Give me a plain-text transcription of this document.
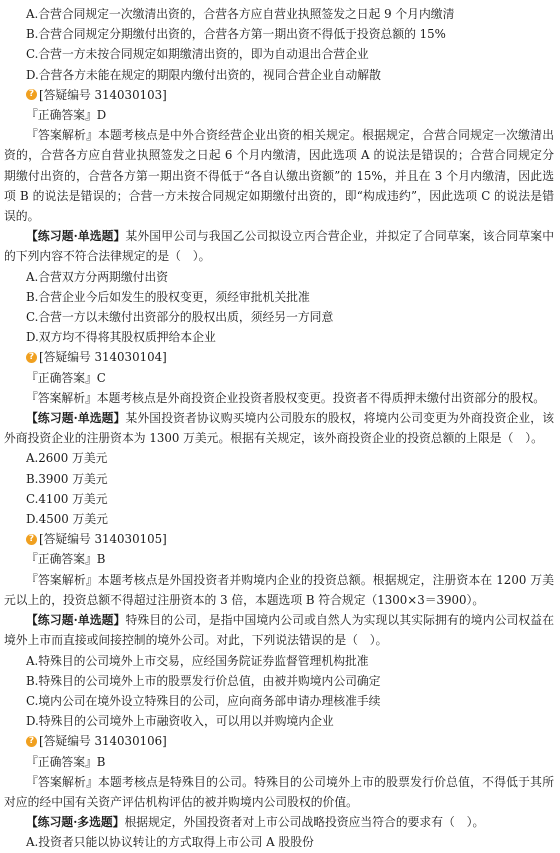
A.合营合同规定一次缴清出资的，合营各方应自营业执照签发之日起 9 个月内缴清
B.合营合同规定分期缴付出资的，合营各方第一期出资不得低于投资总额的 15%
C.合营一方未按合同规定如期缴清出资的，即为自动退出合营企业
D.合营各方未能在规定的期限内缴付出资的，视同合营企业自动解散
? [答疑编号 314030103]
『正确答案』D
『答案解析』本题考核点是中外合资经营企业出资的相关规定。根据规定，合营合同规定一次缴清出资的，合营各方应自营业执照签发之日起 6 个月内缴清，因此选项 A 的说法是错误的；合营合同规定分期缴付出资的，合营各方第一期出资不得低于“各自认缴出资额”的 15%，并且在 3 个月内缴清，因此选项 B 的说法是错误的；合营一方未按合同规定如期缴付出资的，即“构成违约”，因此选项 C 的说法是错误的。
【练习题·单选题】某外国甲公司与我国乙公司拟设立丙合营企业，并拟定了合同草案，该合同草案中的下列内容不符合法律规定的是（　）。
A.合营双方分两期缴付出资
B.合营企业今后如发生的股权变更，须经审批机关批准
C.合营一方以未缴付出资部分的股权出质，须经另一方同意
D.双方均不得将其股权质押给本企业
? [答疑编号 314030104]
『正确答案』C
『答案解析』本题考核点是外商投资企业投资者股权变更。投资者不得质押未缴付出资部分的股权。
【练习题·单选题】某外国投资者协议购买境内公司股东的股权，将境内公司变更为外商投资企业，该外商投资企业的注册资本为 1300 万美元。根据有关规定，该外商投资企业的投资总额的上限是（　）。
A.2600 万美元
B.3900 万美元
C.4100 万美元
D.4500 万美元
? [答疑编号 314030105]
『正确答案』B
『答案解析』本题考核点是外国投资者并购境内企业的投资总额。根据规定，注册资本在 1200 万美元以上的，投资总额不得超过注册资本的 3 倍，本题选项 B 符合规定（1300×3＝3900）。
【练习题·单选题】特殊目的公司，是指中国境内公司或自然人为实现以其实际拥有的境内公司权益在境外上市而直接或间接控制的境外公司。对此，下列说法错误的是（　）。
A.特殊目的公司境外上市交易，应经国务院证券监督管理机构批准
B.特殊目的公司境外上市的股票发行价总值，由被并购境内公司确定
C.境内公司在境外设立特殊目的公司，应向商务部申请办理核准手续
D.特殊目的公司境外上市融资收入，可以用以并购境内企业
? [答疑编号 314030106]
『正确答案』B
『答案解析』本题考核点是特殊目的公司。特殊目的公司境外上市的股票发行价总值，不得低于其所对应的经中国有关资产评估机构评估的被并购境内公司股权的价值。
【练习题·多选题】根据规定，外国投资者对上市公司战略投资应当符合的要求有（　）。
A.投资者只能以协议转让的方式取得上市公司 A 股股份
